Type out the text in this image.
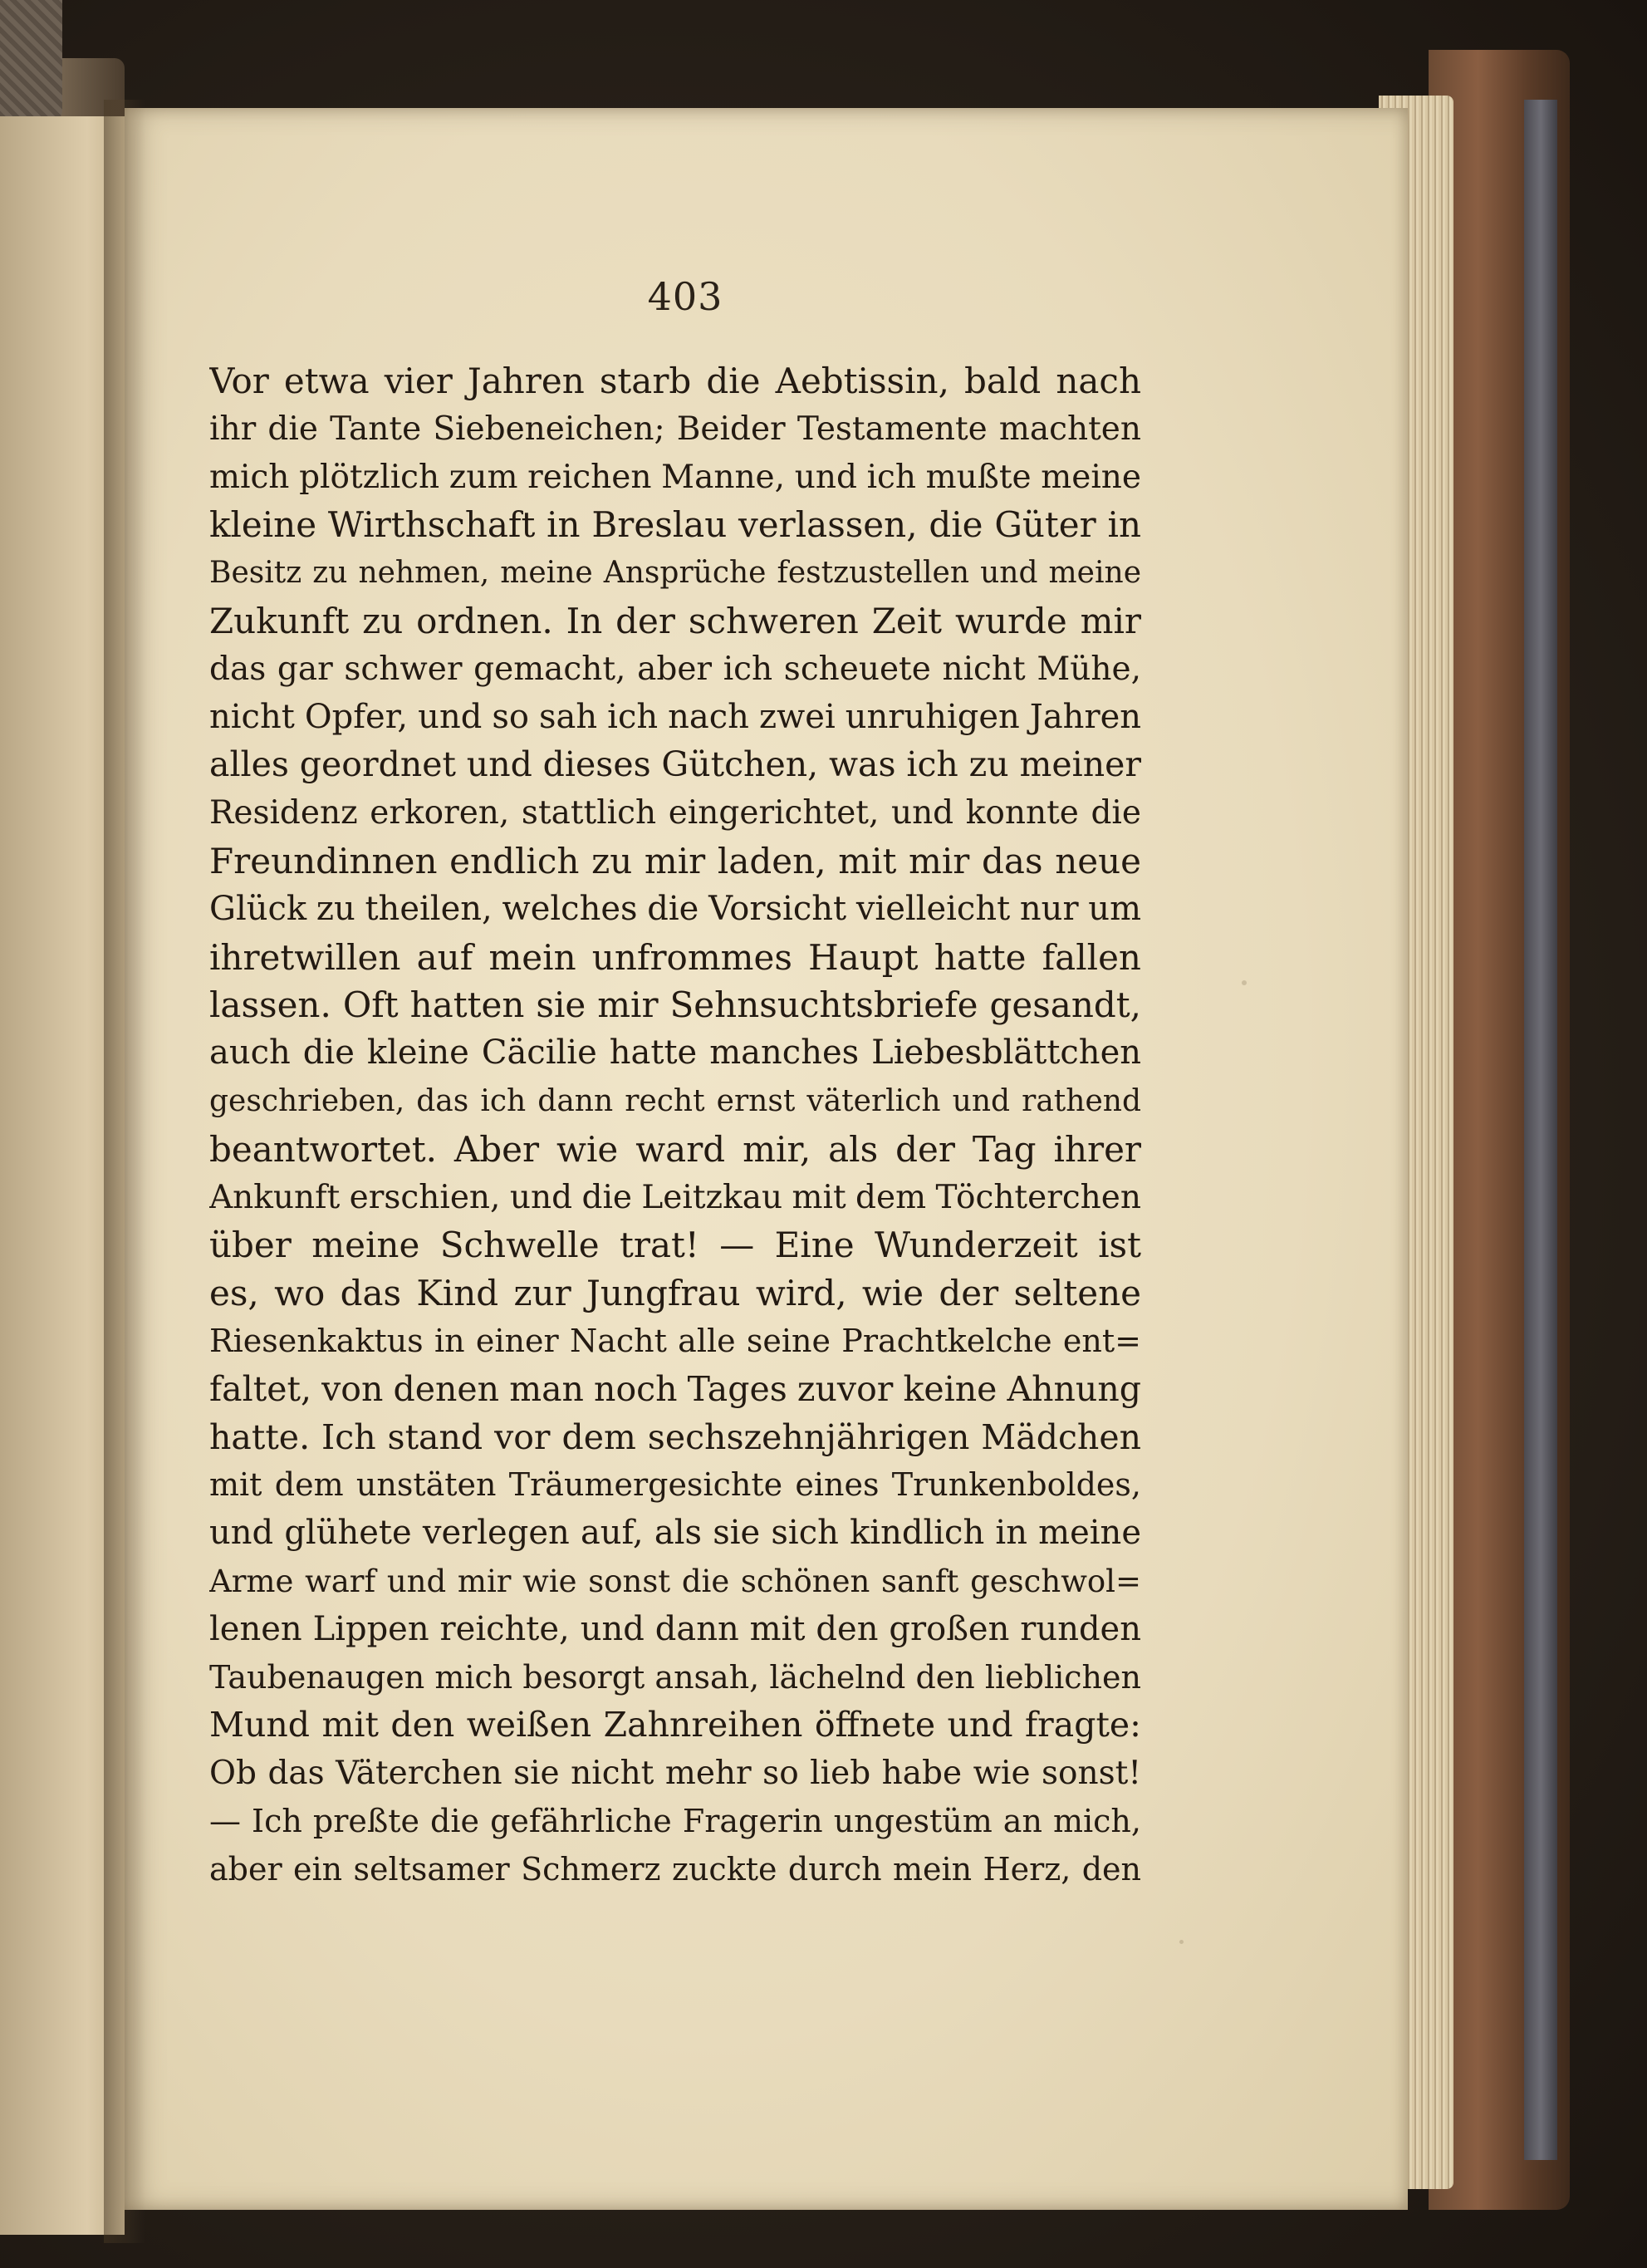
403
Vor etwa vier Jahren starb die Aebtissin, bald nach
ihr die Tante Siebeneichen; Beider Testamente machten
mich plötzlich zum reichen Manne, und ich mußte meine
kleine Wirthschaft in Breslau verlassen, die Güter in
Besitz zu nehmen, meine Ansprüche festzustellen und meine
Zukunft zu ordnen. In der schweren Zeit wurde mir
das gar schwer gemacht, aber ich scheuete nicht Mühe,
nicht Opfer, und so sah ich nach zwei unruhigen Jahren
alles geordnet und dieses Gütchen, was ich zu meiner
Residenz erkoren, stattlich eingerichtet, und konnte die
Freundinnen endlich zu mir laden, mit mir das neue
Glück zu theilen, welches die Vorsicht vielleicht nur um
ihretwillen auf mein unfrommes Haupt hatte fallen
lassen. Oft hatten sie mir Sehnsuchtsbriefe gesandt,
auch die kleine Cäcilie hatte manches Liebesblättchen
geschrieben, das ich dann recht ernst väterlich und rathend
beantwortet. Aber wie ward mir, als der Tag ihrer
Ankunft erschien, und die Leitzkau mit dem Töchterchen
über meine Schwelle trat! — Eine Wunderzeit ist
es, wo das Kind zur Jungfrau wird, wie der seltene
Riesenkaktus in einer Nacht alle seine Prachtkelche ent=
faltet, von denen man noch Tages zuvor keine Ahnung
hatte. Ich stand vor dem sechszehnjährigen Mädchen
mit dem unstäten Träumergesichte eines Trunkenboldes,
und glühete verlegen auf, als sie sich kindlich in meine
Arme warf und mir wie sonst die schönen sanft geschwol=
lenen Lippen reichte, und dann mit den großen runden
Taubenaugen mich besorgt ansah, lächelnd den lieblichen
Mund mit den weißen Zahnreihen öffnete und fragte:
Ob das Väterchen sie nicht mehr so lieb habe wie sonst!
— Ich preßte die gefährliche Fragerin ungestüm an mich,
aber ein seltsamer Schmerz zuckte durch mein Herz, den
